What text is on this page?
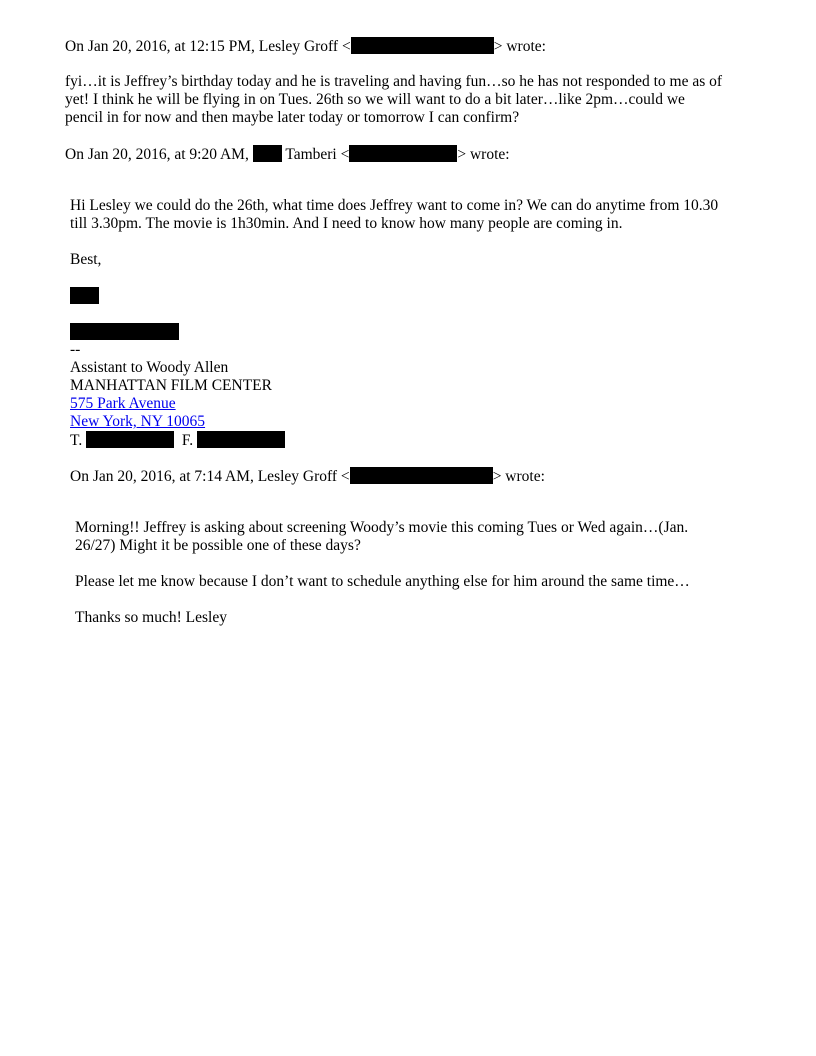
On Jan 20, 2016, at 12:15 PM, Lesley Groff <	> wrote:

fyi…it is Jeffrey’s birthday today and he is traveling and having fun…so he has not responded to me as of
yet! I think he will be flying in on Tues. 26th so we will want to do a bit later…like 2pm…could we
pencil in for now and then maybe later today or tomorrow I can confirm?

On Jan 20, 2016, at 9:20 AM,  Tamberi <	> wrote:

Hi Lesley we could do the 26th, what time does Jeffrey want to come in? We can do anytime from 10.30
till 3.30pm. The movie is 1h30min. And I need to know how many people are coming in.

Best,

--
Assistant to Woody Allen
MANHATTAN FILM CENTER
575 Park Avenue
New York, NY 10065
T.	F.

On Jan 20, 2016, at 7:14 AM, Lesley Groff <	> wrote:

Morning!! Jeffrey is asking about screening Woody’s movie this coming Tues or Wed again…(Jan.
26/27) Might it be possible one of these days?

Please let me know because I don’t want to schedule anything else for him around the same time…

Thanks so much! Lesley
